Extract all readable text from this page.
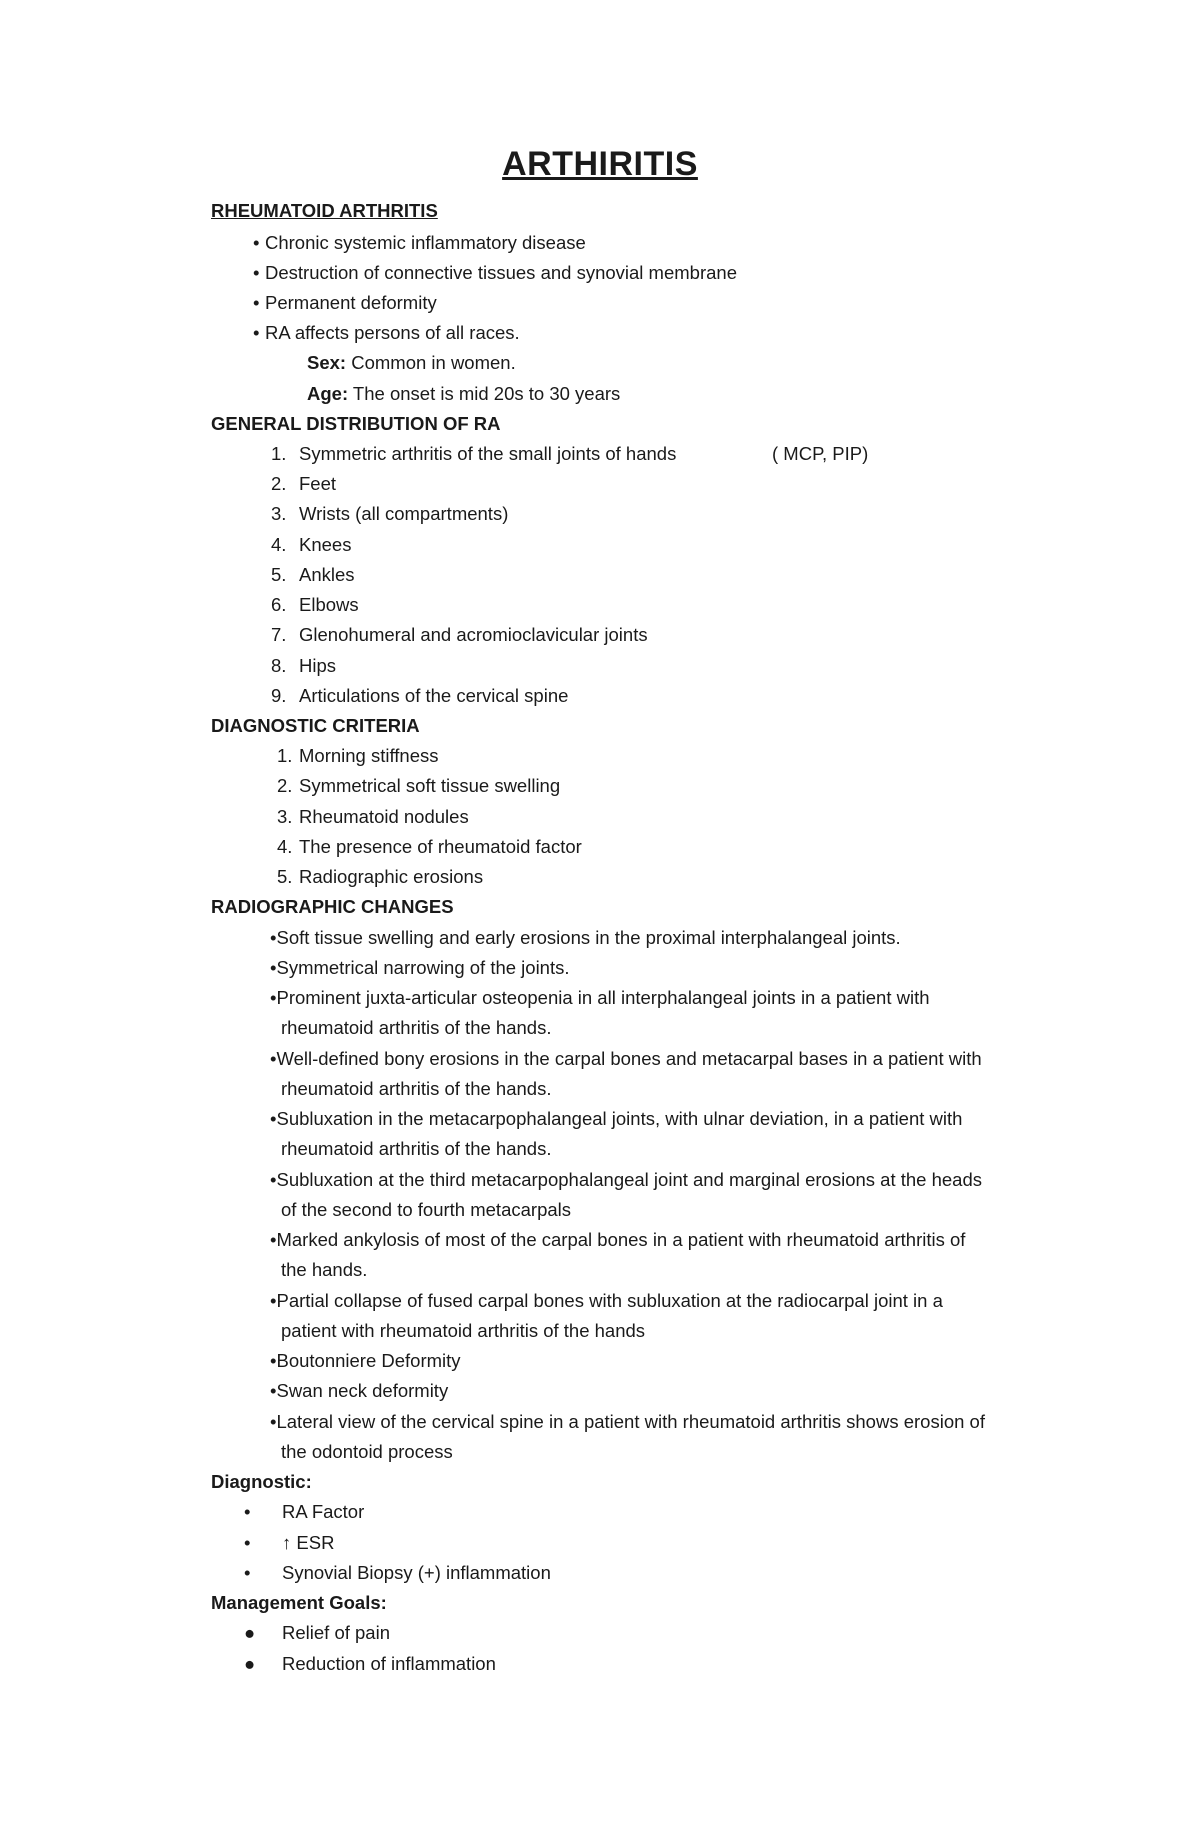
ARTHIRITIS
RHEUMATOID ARTHRITIS
• Chronic systemic inflammatory disease
• Destruction of connective tissues and synovial membrane
• Permanent deformity
• RA affects persons of all races.
Sex: Common in women.
Age: The onset is mid 20s to 30 years
GENERAL DISTRIBUTION OF RA
1. Symmetric arthritis of the small joints of hands	( MCP, PIP)
2. Feet
3. Wrists (all compartments)
4. Knees
5. Ankles
6. Elbows
7. Glenohumeral and acromioclavicular joints
8. Hips
9. Articulations of the cervical spine
DIAGNOSTIC CRITERIA
1. Morning stiffness
2. Symmetrical soft tissue swelling
3. Rheumatoid nodules
4. The presence of rheumatoid factor
5. Radiographic erosions
RADIOGRAPHIC CHANGES
•Soft tissue swelling and early erosions in the proximal interphalangeal joints.
•Symmetrical narrowing of the joints.
•Prominent juxta-articular osteopenia in all interphalangeal joints in a patient with
rheumatoid arthritis of the hands.
•Well-defined bony erosions in the carpal bones and metacarpal bases in a patient with
rheumatoid arthritis of the hands.
•Subluxation in the metacarpophalangeal joints, with ulnar deviation, in a patient with
rheumatoid arthritis of the hands.
•Subluxation at the third metacarpophalangeal joint and marginal erosions at the heads
of the second to fourth metacarpals
•Marked ankylosis of most of the carpal bones in a patient with rheumatoid arthritis of
the hands.
•Partial collapse of fused carpal bones with subluxation at the radiocarpal joint in a
patient with rheumatoid arthritis of the hands
•Boutonniere Deformity
•Swan neck deformity
•Lateral view of the cervical spine in a patient with rheumatoid arthritis shows erosion of
the odontoid process
Diagnostic:
• RA Factor
• ↑ ESR
• Synovial Biopsy (+) inflammation
Management Goals:
● Relief of pain
● Reduction of inflammation
